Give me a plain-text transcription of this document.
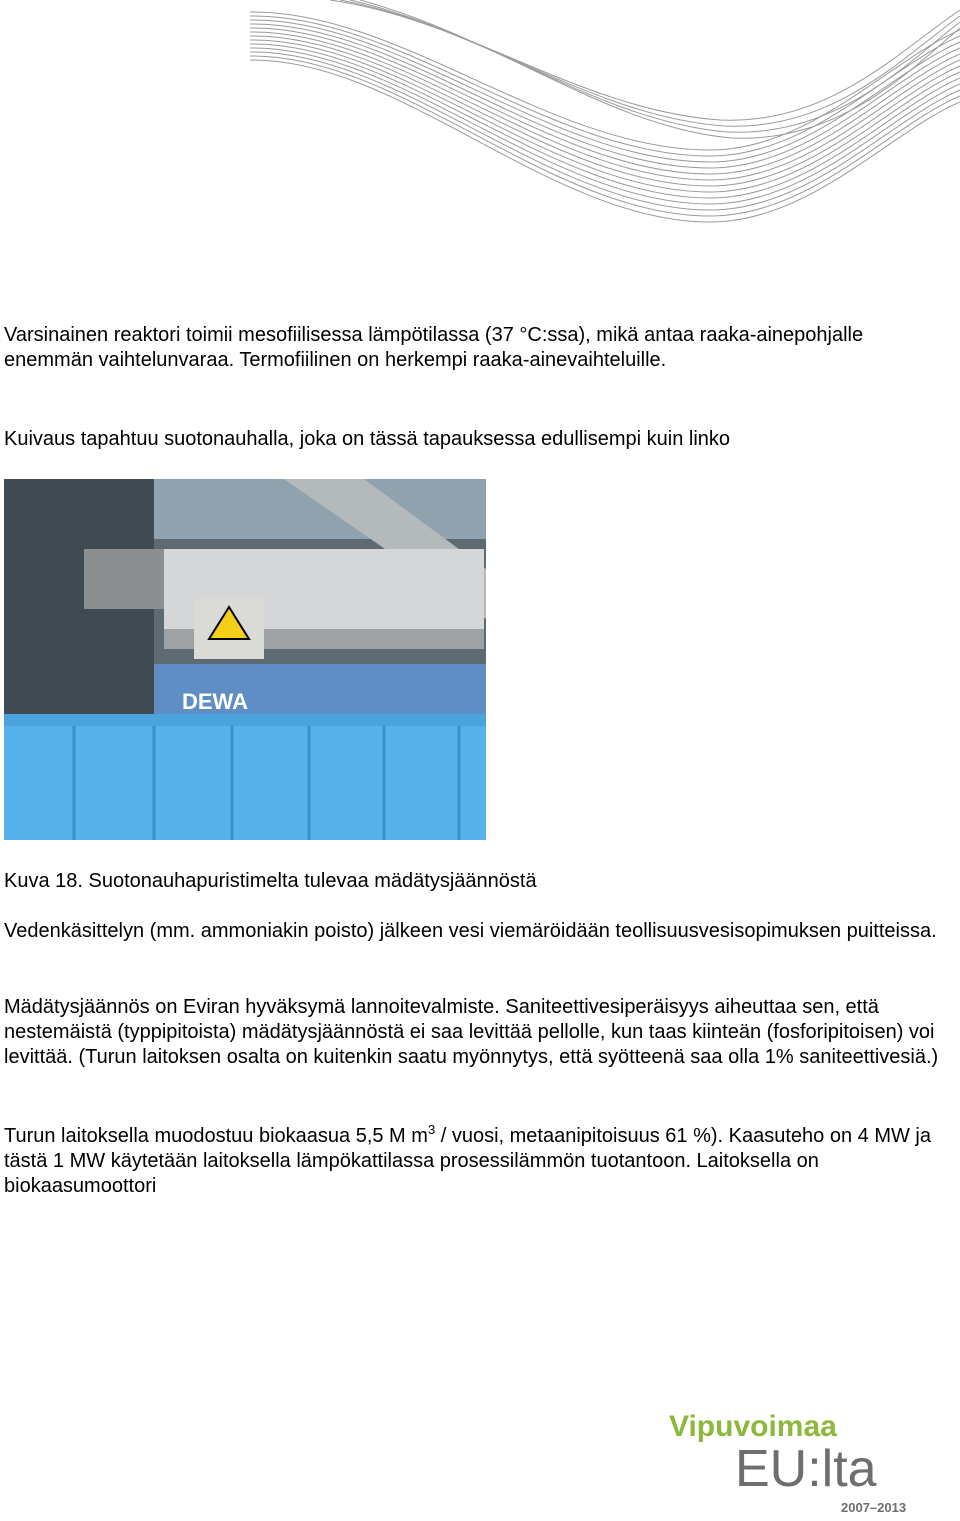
Varsinainen reaktori toimii mesofiilisessa lämpötilassa (37 °C:ssa), mikä antaa raaka-ainepohjalle enemmän vaihtelunvaraa. Termofiilinen on herkempi raaka-ainevaihteluille.

Kuivaus tapahtuu suotonauhalla, joka on tässä tapauksessa edullisempi kuin linko

DEWA

Kuva 18. Suotonauhapuristimelta tulevaa mädätysjäännöstä

Vedenkäsittelyn (mm. ammoniakin poisto) jälkeen vesi viemäröidään teollisuusvesisopimuksen puitteissa.

Mädätysjäännös on Eviran hyväksymä lannoitevalmiste. Saniteettivesiperäisyys aiheuttaa sen, että nestemäistä (typpipitoista) mädätysjäännöstä ei saa levittää pellolle, kun taas kiinteän (fosforipitoisen) voi levittää. (Turun laitoksen osalta on kuitenkin saatu myönnytys, että syötteenä saa olla 1% saniteettivesiä.)

Turun laitoksella muodostuu biokaasua 5,5 M $m^3$ / vuosi, metaanipitoisuus 61 %). Kaasuteho on 4 MW ja tästä 1 MW käytetään laitoksella lämpökattilassa prosessilämmön tuotantoon. Laitoksella on biokaasumoottori

Vipuvoimaa
EU:lta
2007–2013
